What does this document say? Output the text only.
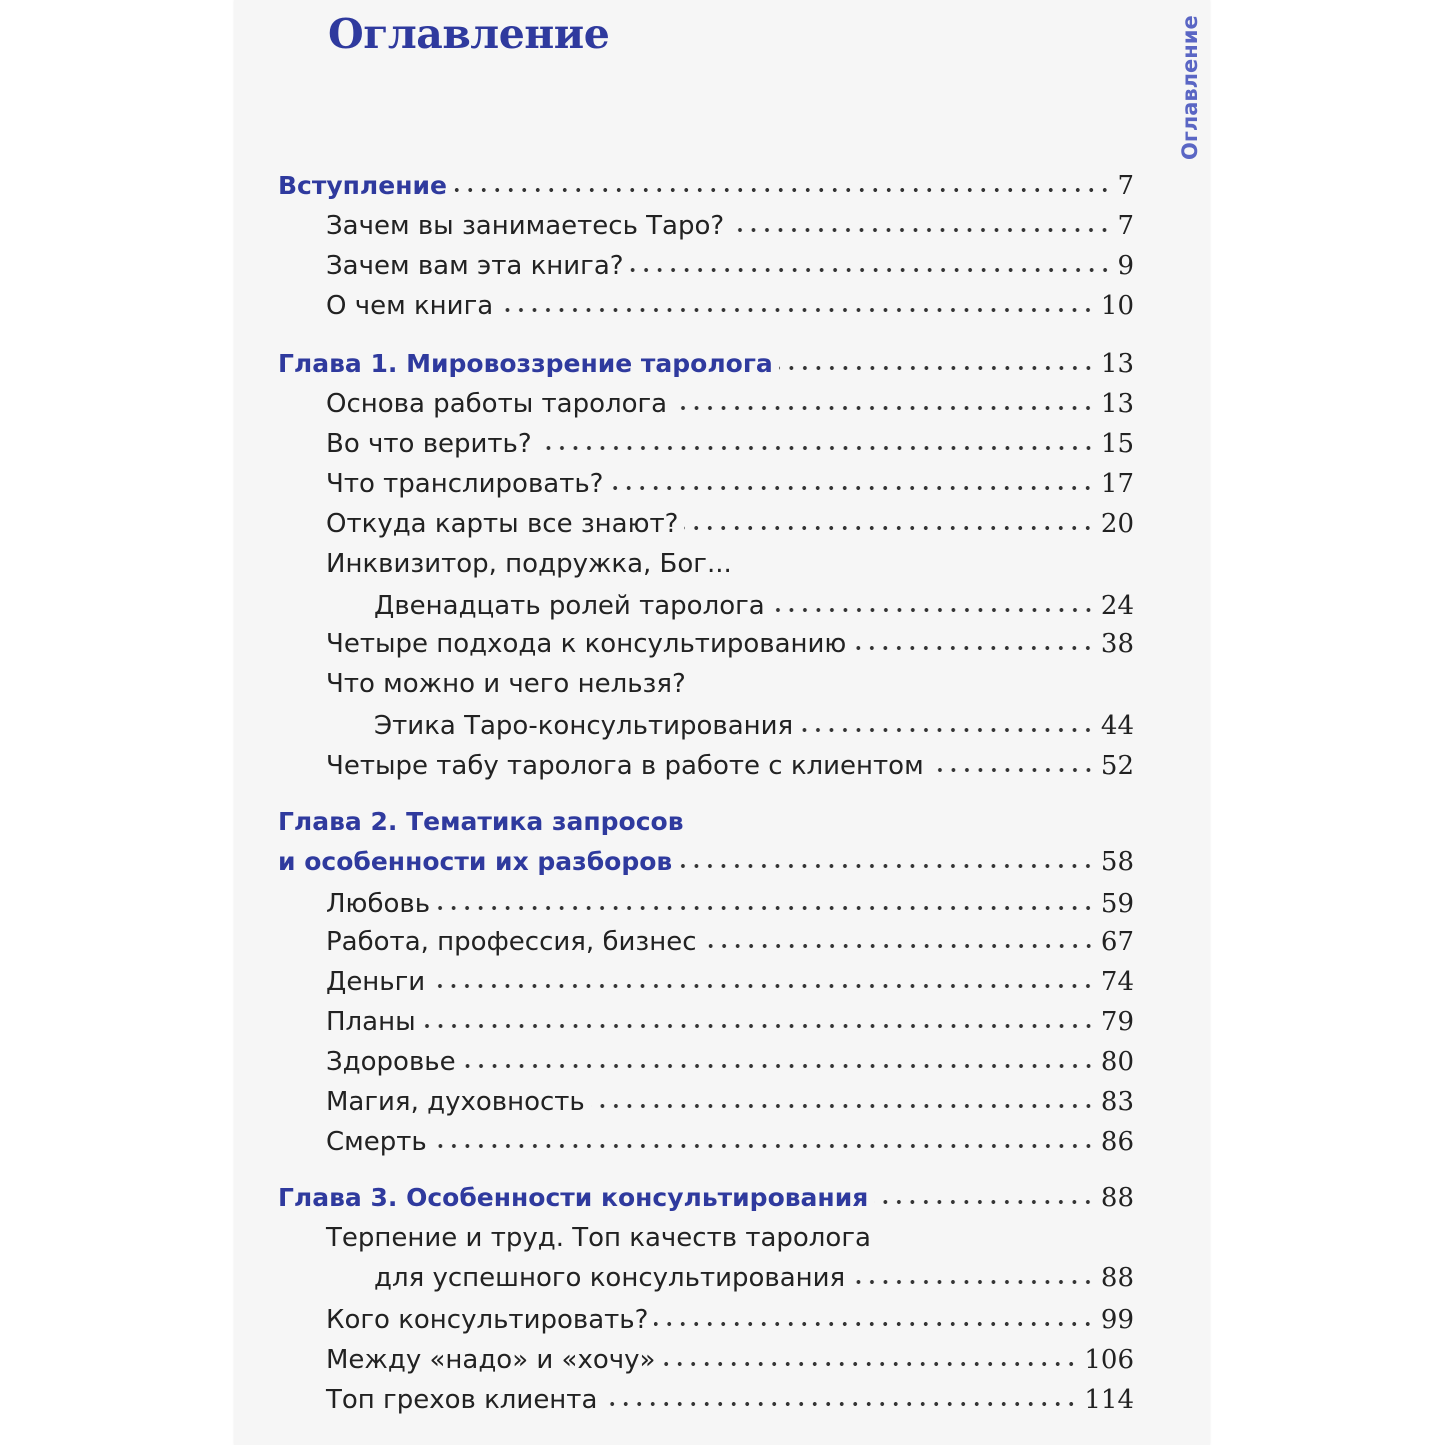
Оглавление	Оглавление
Вступление	7
Зачем вы занимаетесь Таро?	7
Зачем вам эта книга?	9
О чем книга	10
Глава 1. Мировоззрение таролога	13
Основа работы таролога	13
Во что верить?	15
Что транслировать?	17
Откуда карты все знают?	20
Инквизитор, подружка, Бог...
Двенадцать ролей таролога	24
Четыре подхода к консультированию	38
Что можно и чего нельзя?
Этика Таро-консультирования	44
Четыре табу таролога в работе с клиентом	52
Глава 2. Тематика запросов
и особенности их разборов	58
Любовь	59
Работа, профессия, бизнес	67
Деньги	74
Планы	79
Здоровье	80
Магия, духовность	83
Смерть	86
Глава 3. Особенности консультирования	88
Терпение и труд. Топ качеств таролога
для успешного консультирования	88
Кого консультировать?	99
Между «надо» и «хочу»	106
Топ грехов клиента	114
